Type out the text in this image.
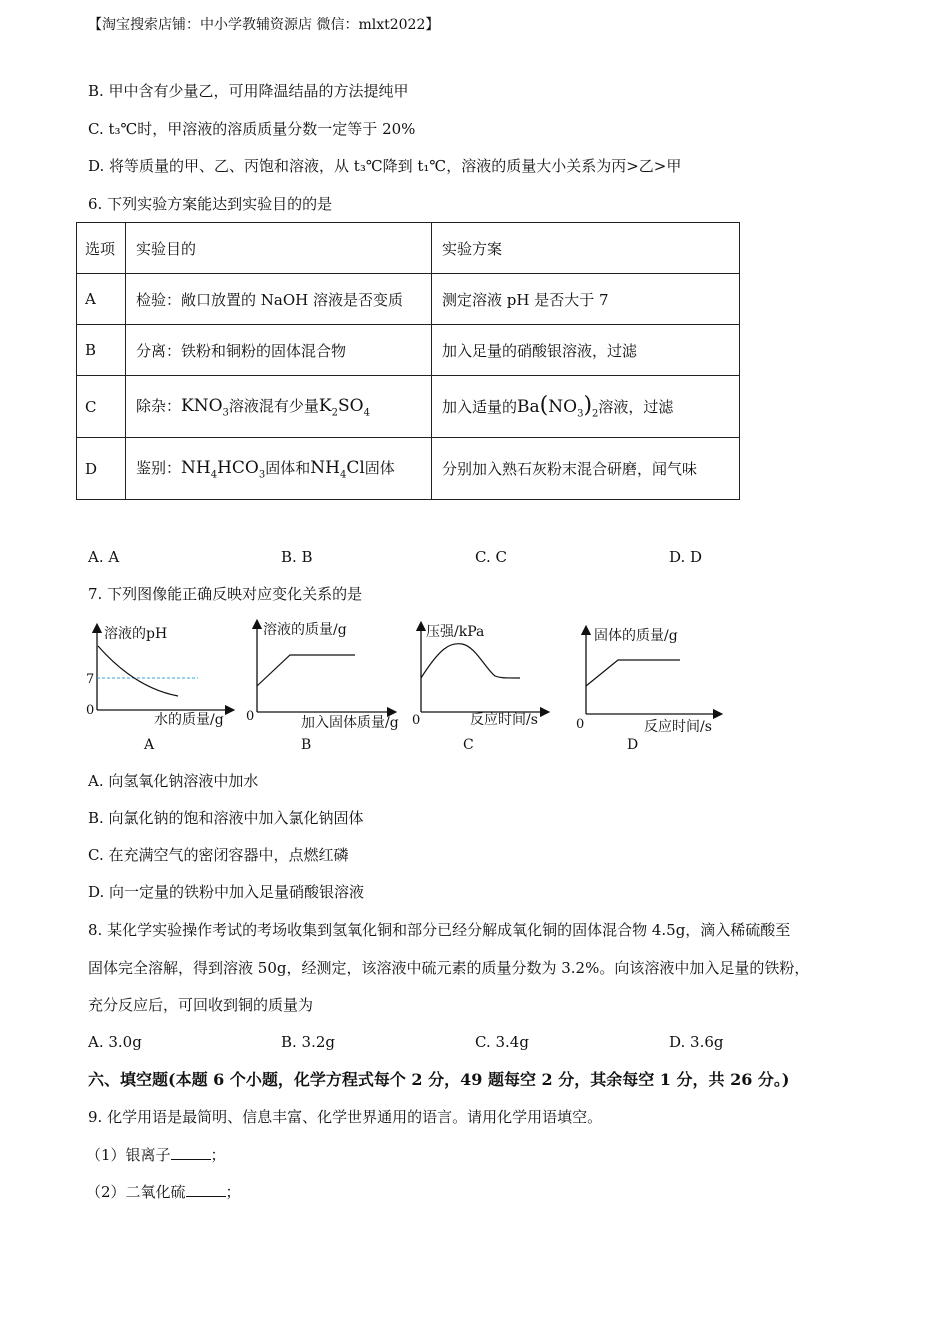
【淘宝搜索店铺：中小学教辅资源店 微信：mlxt2022】
B. 甲中含有少量乙，可用降温结晶的方法提纯甲
C. t₃℃时，甲溶液的溶质质量分数一定等于 20%
D. 将等质量的甲、乙、丙饱和溶液，从 t₃℃降到 t₁℃，溶液的质量大小关系为丙>乙>甲
6. 下列实验方案能达到实验目的的是
选项	实验目的	实验方案
A	检验：敞口放置的 NaOH 溶液是否变质	测定溶液 pH 是否大于 7
B	分离：铁粉和铜粉的固体混合物	加入足量的硝酸银溶液，过滤
C	除杂：$KNO_3$溶液混有少量$K_2SO_4$	加入适量的$Ba(NO_3)_2$溶液，过滤
D	鉴别：$NH_4HCO_3$固体和$NH_4Cl$固体	分别加入熟石灰粉末混合研磨，闻气味
A. A	B. B	C. C	D. D
7. 下列图像能正确反映对应变化关系的是
溶液的pH
7
0
水的质量/g
A
溶液的质量/g
0	加入固体质量/g
B
压强/kPa
0	反应时间/s
C
固体的质量/g
0	反应时间/s
D
A. 向氢氧化钠溶液中加水
B. 向氯化钠的饱和溶液中加入氯化钠固体
C. 在充满空气的密闭容器中，点燃红磷
D. 向一定量的铁粉中加入足量硝酸银溶液
8. 某化学实验操作考试的考场收集到氢氧化铜和部分已经分解成氧化铜的固体混合物 4.5g，滴入稀硫酸至
固体完全溶解，得到溶液 50g，经测定，该溶液中硫元素的质量分数为 3.2%。向该溶液中加入足量的铁粉，
充分反应后，可回收到铜的质量为
A. 3.0g	B. 3.2g	C. 3.4g	D. 3.6g
六、填空题(本题 6 个小题，化学方程式每个 2 分，49 题每空 2 分，其余每空 1 分，共 26 分。)
9. 化学用语是最简明、信息丰富、化学世界通用的语言。请用化学用语填空。
（1）银离子	；
（2）二氧化硫	；
